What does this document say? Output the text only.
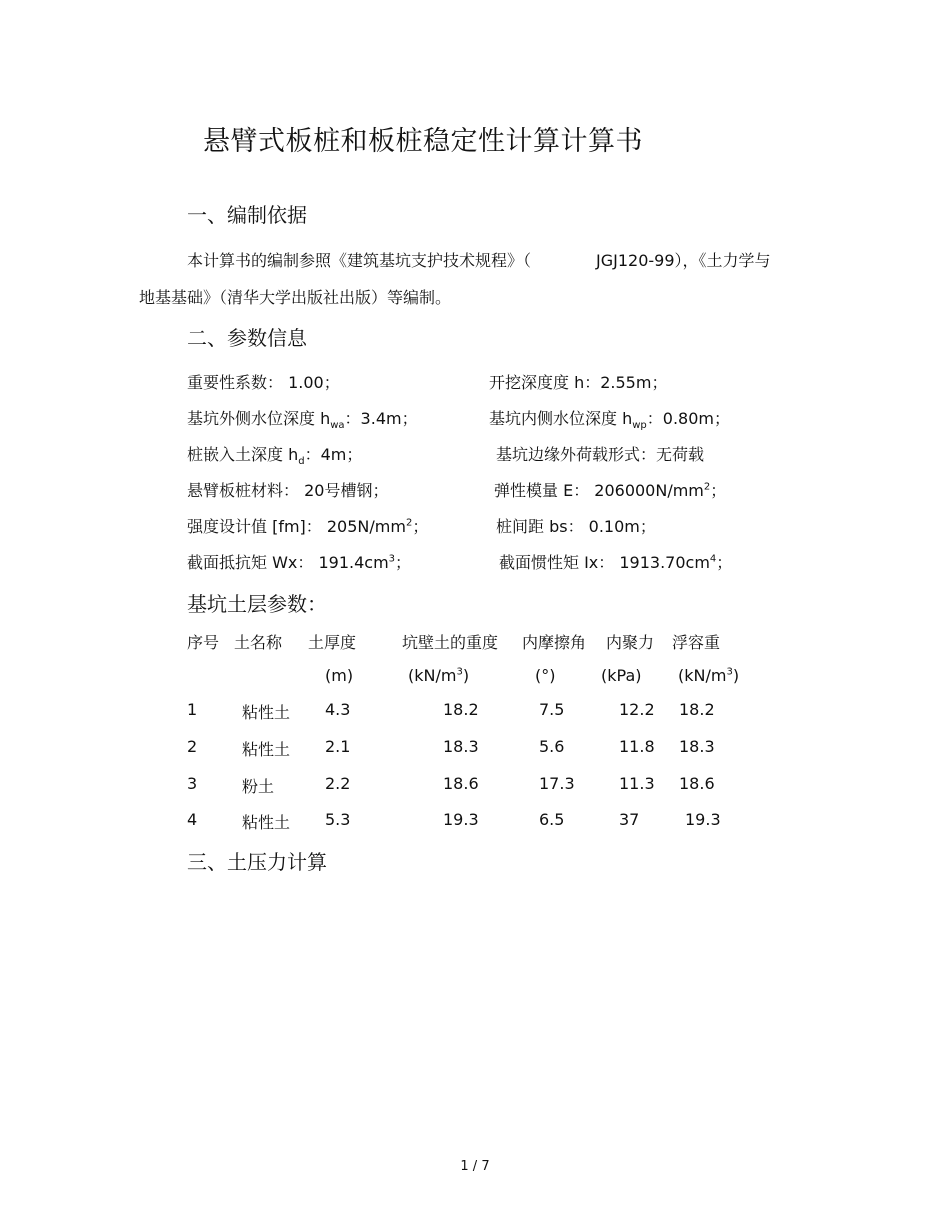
悬臂式板桩和板桩稳定性计算计算书
一、编制依据
本计算书的编制参照《建筑基坑支护技术规程》（	JGJ120-99），《土力学与
地基基础》（清华大学出版社出版）等编制。
二、参数信息
重要性系数： 1.00；	开挖深度度 h：2.55m；
基坑外侧水位深度 $h_{wa}$：3.4m；	基坑内侧水位深度 $h_{wp}$：0.80m；
桩嵌入土深度 $h_d$：4m；	基坑边缘外荷载形式：无荷载
悬臂板桩材料： 20号槽钢；	弹性模量 E： $206000N/mm^2$；
强度设计值 [fm]： $205N/mm^2$；	桩间距 bs： 0.10m；
截面抵抗矩 Wx： $191.4cm^3$；	截面惯性矩 Ix： $1913.70cm^4$；
基坑土层参数：
序号 土名称 土厚度	坑壁土的重度 内摩擦角 内聚力 浮容重
(m)	$(kN/m^3)$	(°)	(kPa) $(kN/m^3)$
1	粘性土 4.3	18.2	7.5	12.2 18.2
2	粘性土 2.1	18.3	5.6	11.8 18.3
3	粉土	2.2	18.6	17.3	11.3 18.6
4	粘性土 5.3	19.3	6.5	37	19.3
三、土压力计算
1 / 7
